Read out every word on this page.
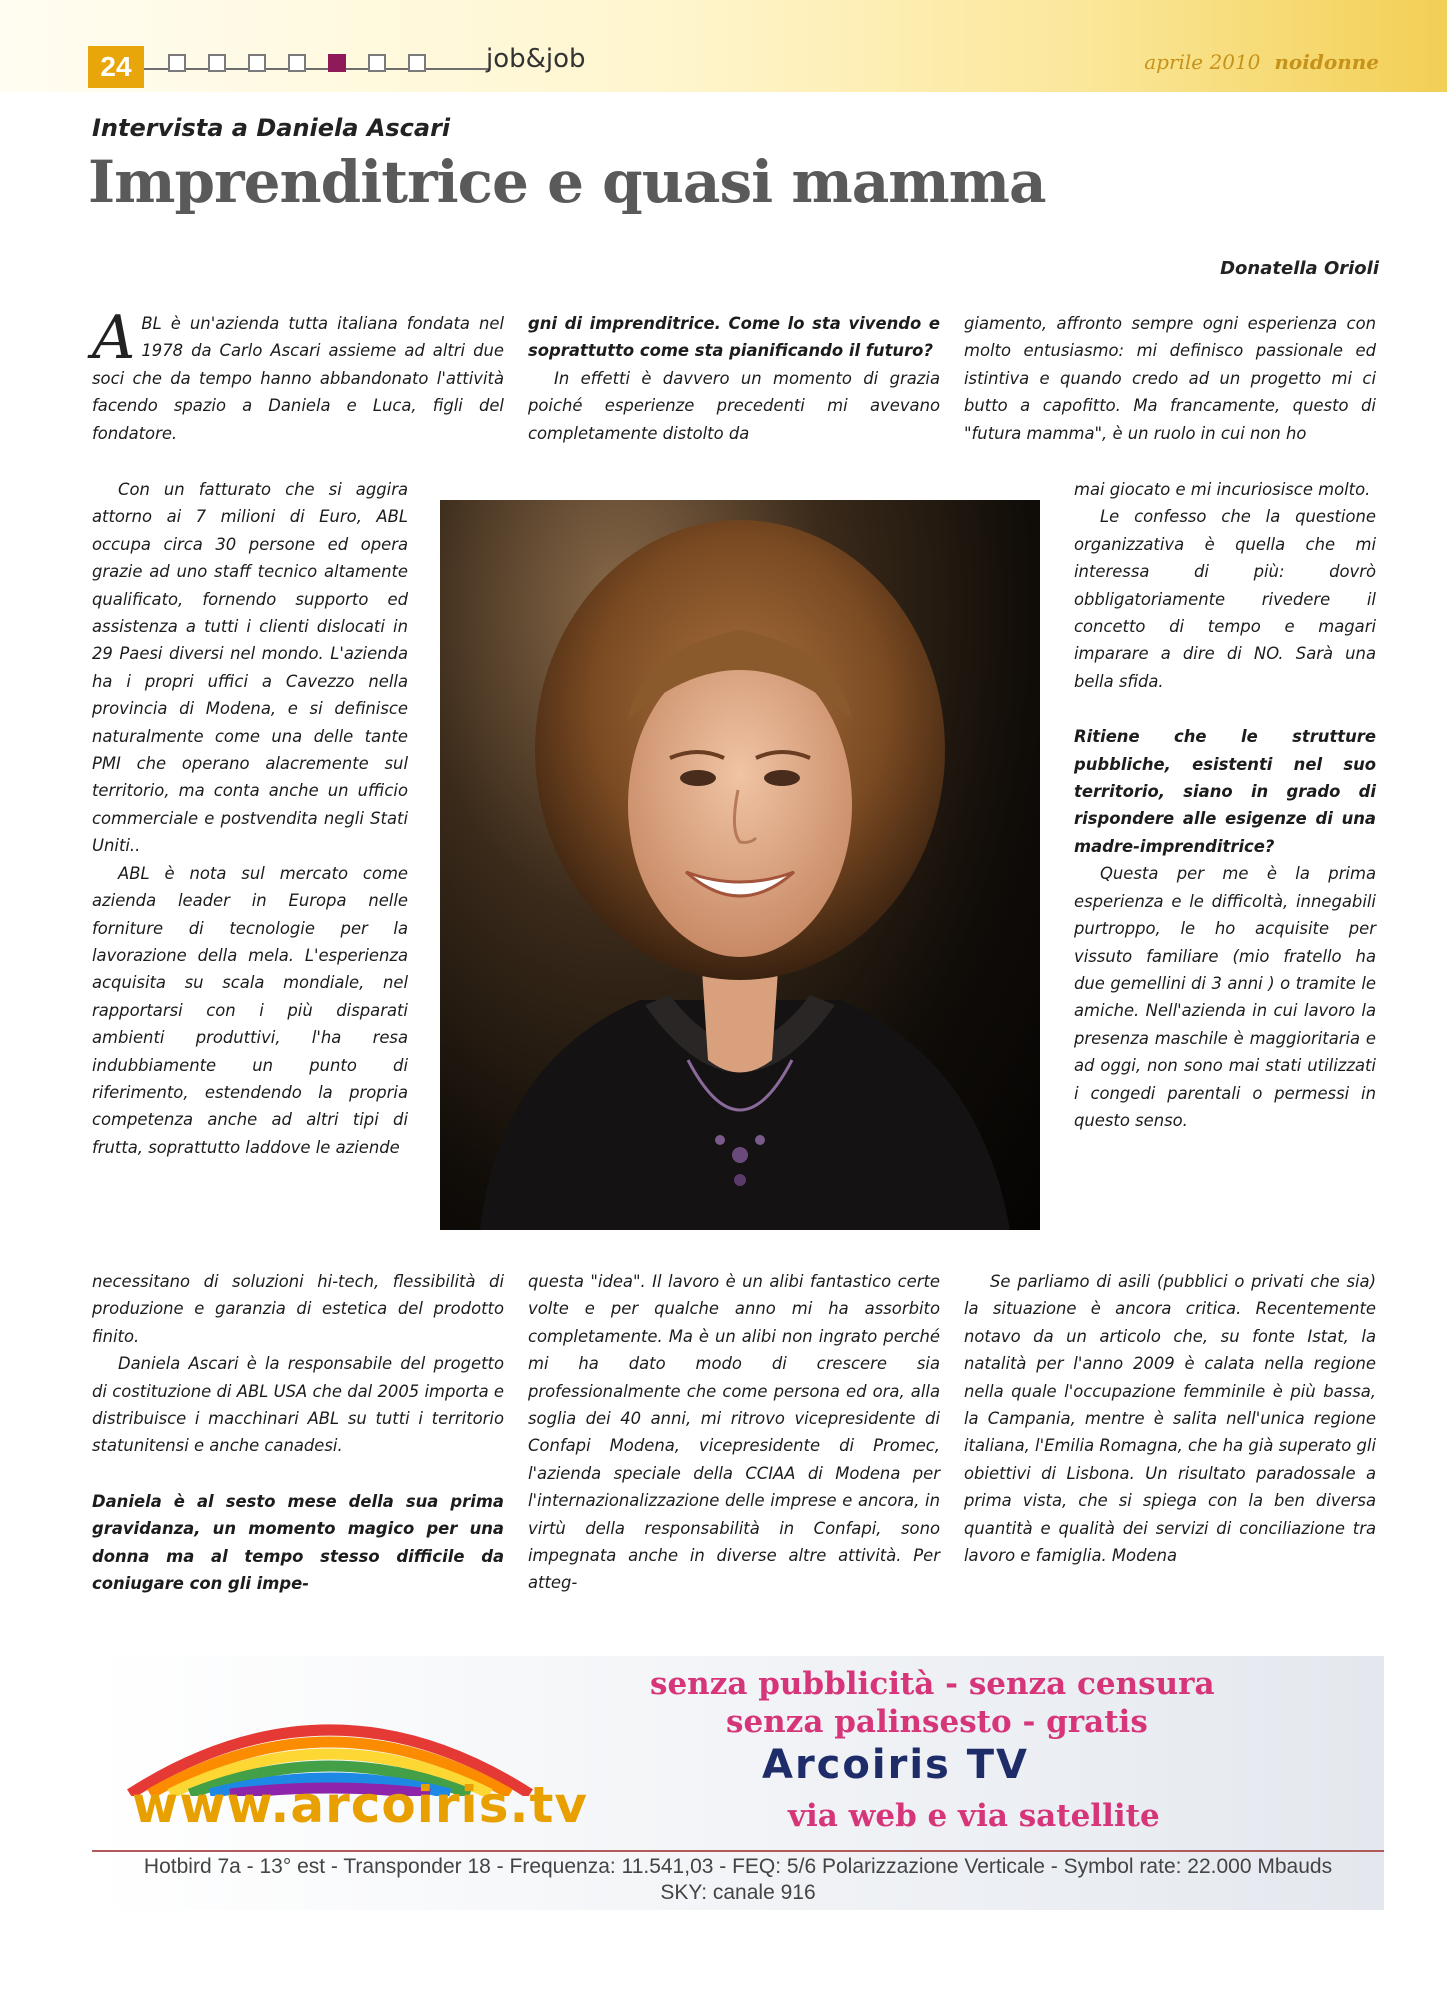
24	job&job	aprile 2010 noidonne
Intervista a Daniela Ascari
Imprenditrice e quasi mamma
Donatella Orioli

ABL è un'azienda tutta italiana fondata nel 1978 da Carlo Ascari assieme ad altri due soci che da tempo hanno abbandonato l'attività facendo spazio a Daniela e Luca, figli del fondatore.

Con un fatturato che si aggira attorno ai 7 milioni di Euro, ABL occupa circa 30 persone ed opera grazie ad uno staff tecnico altamente qualificato, fornendo supporto ed assistenza a tutti i clienti dislocati in 29 Paesi diversi nel mondo. L'azienda ha i propri uffici a Cavezzo nella provincia di Modena, e si definisce naturalmente come una delle tante PMI che operano alacremente sul territorio, ma conta anche un ufficio commerciale e postvendita negli Stati Uniti..

ABL è nota sul mercato come azienda leader in Europa nelle forniture di tecnologie per la lavorazione della mela. L'esperienza acquisita su scala mondiale, nel rapportarsi con i più disparati ambienti produttivi, l'ha resa indubbiamente un punto di riferimento, estendendo la propria competenza anche ad altri tipi di frutta, soprattutto laddove le aziende

necessitano di soluzioni hi-tech, flessibilità di produzione e garanzia di estetica del prodotto finito.

Daniela Ascari è la responsabile del progetto di costituzione di ABL USA che dal 2005 importa e distribuisce i macchinari ABL su tutti i territorio statunitensi e anche canadesi.

Daniela è al sesto mese della sua prima gravidanza, un momento magico per una donna ma al tempo stesso difficile da coniugare con gli impe-

gni di imprenditrice. Come lo sta vivendo e soprattutto come sta pianificando il futuro?

In effetti è davvero un momento di grazia poiché esperienze precedenti mi avevano completamente distolto da

questa "idea". Il lavoro è un alibi fantastico certe volte e per qualche anno mi ha assorbito completamente. Ma è un alibi non ingrato perché mi ha dato modo di crescere sia professionalmente che come persona ed ora, alla soglia dei 40 anni, mi ritrovo vicepresidente di Confapi Modena, vicepresidente di Promec, l'azienda speciale della CCIAA di Modena per l'internazionalizzazione delle imprese e ancora, in virtù della responsabilità in Confapi, sono impegnata anche in diverse altre attività. Per atteg-

giamento, affronto sempre ogni esperienza con molto entusiasmo: mi definisco passionale ed istintiva e quando credo ad un progetto mi ci butto a capofitto. Ma francamente, questo di "futura mamma", è un ruolo in cui non ho

mai giocato e mi incuriosisce molto.

Le confesso che la questione organizzativa è quella che mi interessa di più: dovrò obbligatoriamente rivedere il concetto di tempo e magari imparare a dire di NO. Sarà una bella sfida.

Ritiene che le strutture pubbliche, esistenti nel suo territorio, siano in grado di rispondere alle esigenze di una madre-imprenditrice?

Questa per me è la prima esperienza e le difficoltà, innegabili purtroppo, le ho acquisite per vissuto familiare (mio fratello ha due gemellini di 3 anni ) o tramite le amiche. Nell'azienda in cui lavoro la presenza maschile è maggioritaria e ad oggi, non sono mai stati utilizzati i congedi parentali o permessi in questo senso.

Se parliamo di asili (pubblici o privati che sia) la situazione è ancora critica. Recentemente notavo da un articolo che, su fonte Istat, la natalità per l'anno 2009 è calata nella regione nella quale l'occupazione femminile è più bassa, la Campania, mentre è salita nell'unica regione italiana, l'Emilia Romagna, che ha già superato gli obiettivi di Lisbona. Un risultato paradossale a prima vista, che si spiega con la ben diversa quantità e qualità dei servizi di conciliazione tra lavoro e famiglia. Modena

www.arcoiris.tv
senza pubblicità - senza censura
senza palinsesto - gratis
Arcoiris TV
via web e via satellite
Hotbird 7a - 13° est - Transponder 18 - Frequenza: 11.541,03 - FEQ: 5/6 Polarizzazione Verticale - Symbol rate: 22.000 Mbauds
SKY: canale 916
